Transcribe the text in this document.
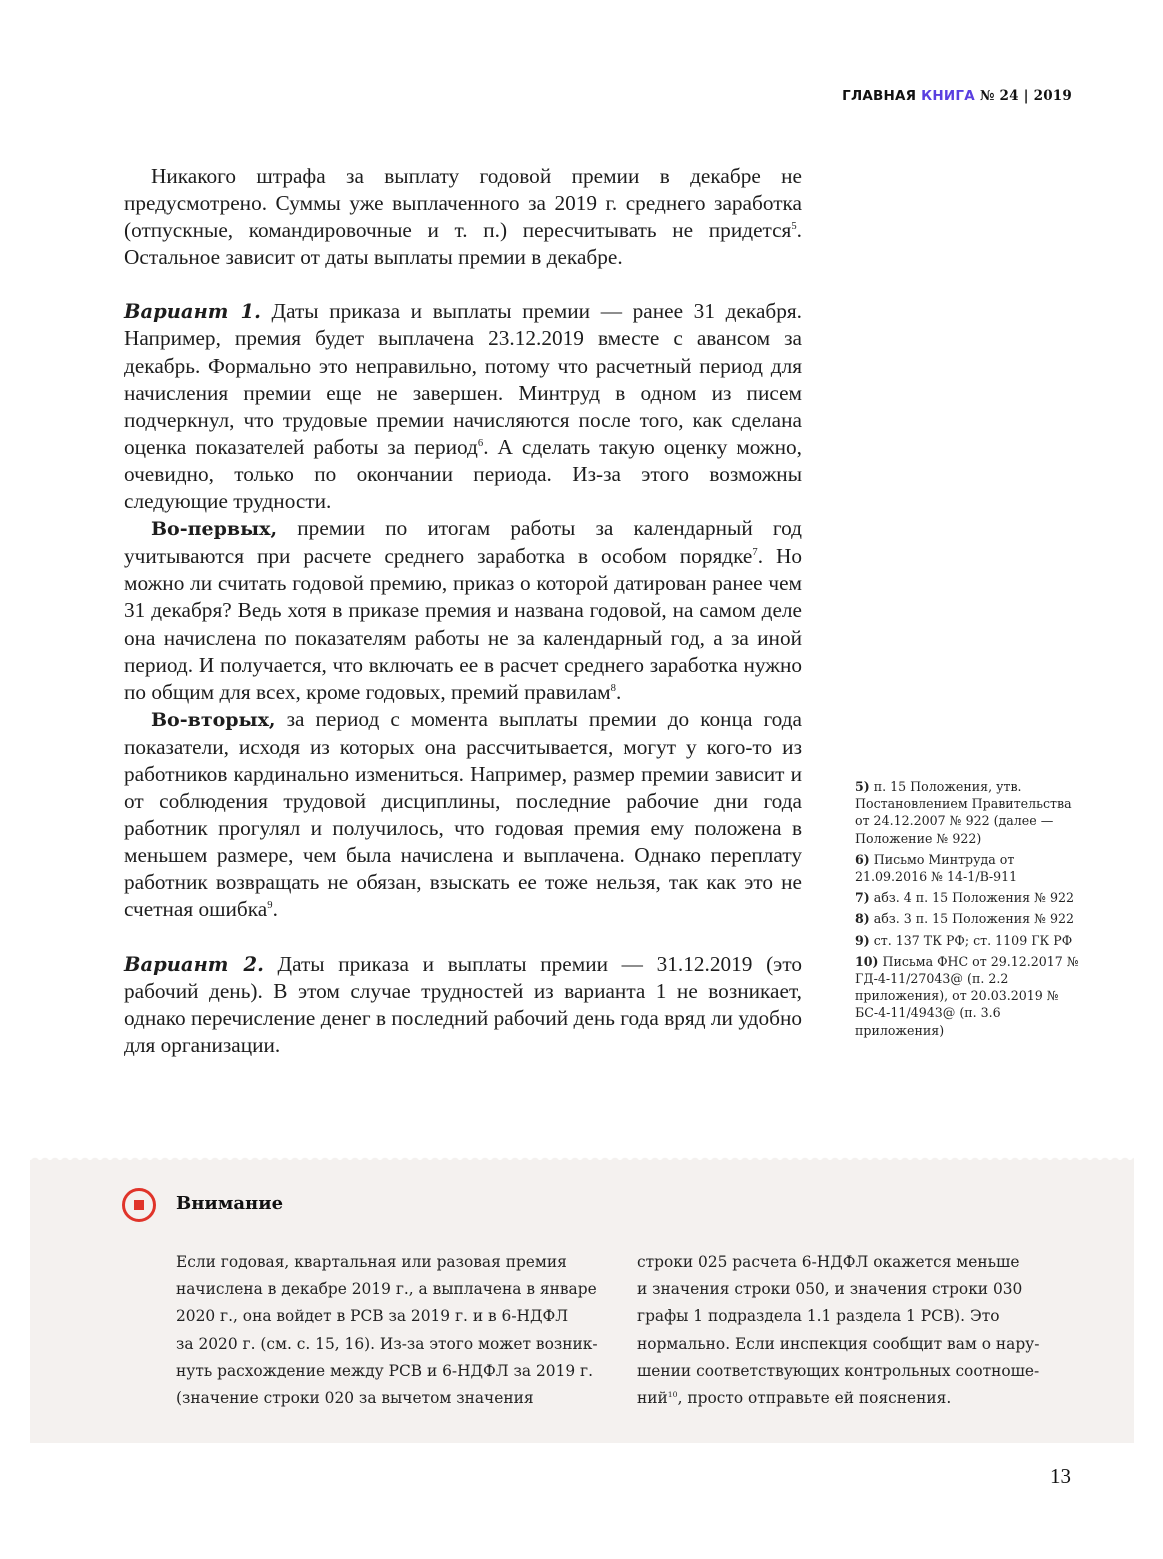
ГЛАВНАЯ КНИГА № 24 | 2019

Никакого штрафа за выплату годовой премии в декабре не предусмотрено. Суммы уже выплаченного за 2019 г. среднего заработка (отпускные, командировочные и т. п.) пересчитывать не придется$^5$. Остальное зависит от даты выплаты премии в декабре.

Вариант 1. Даты приказа и выплаты премии — ранее 31 декабря. Например, премия будет выплачена 23.12.2019 вместе с авансом за декабрь. Формально это неправильно, потому что расчетный период для начисления премии еще не завершен. Минтруд в одном из писем подчеркнул, что трудовые премии начисляются после того, как сделана оценка показателей работы за период$^6$. А сделать такую оценку можно, очевидно, только по окончании периода. Из-за этого возможны следующие трудности.

Во-первых, премии по итогам работы за календарный год учитываются при расчете среднего заработка в особом порядке$^7$. Но можно ли считать годовой премию, приказ о которой датирован ранее чем 31 декабря? Ведь хотя в приказе премия и названа годовой, на самом деле она начислена по показателям работы не за календарный год, а за иной период. И получается, что включать ее в расчет среднего заработка нужно по общим для всех, кроме годовых, премий правилам$^8$.

Во-вторых, за период с момента выплаты премии до конца года показатели, исходя из которых она рассчитывается, могут у кого-то из работников кардинально измениться. Например, размер премии зависит и от соблюдения трудовой дисциплины, последние рабочие дни года работник прогулял и получилось, что годовая премия ему положена в меньшем размере, чем была начислена и выплачена. Однако переплату работник возвращать не обязан, взыскать ее тоже нельзя, так как это не счетная ошибка$^9$.

Вариант 2. Даты приказа и выплаты премии — 31.12.2019 (это рабочий день). В этом случае трудностей из варианта 1 не возникает, однако перечисление денег в последний рабочий день года вряд ли удобно для организации.

5) п. 15 Положения, утв. Постановлением Правительства от 24.12.2007 № 922 (далее — Положение № 922)
6) Письмо Минтруда от 21.09.2016 № 14-1/В-911
7) абз. 4 п. 15 Положения № 922
8) абз. 3 п. 15 Положения № 922
9) ст. 137 ТК РФ; ст. 1109 ГК РФ
10) Письма ФНС от 29.12.2017 № ГД-4-11/27043@ (п. 2.2 приложения), от 20.03.2019 № БС-4-11/4943@ (п. 3.6 приложения)
Внимание
Если годовая, квартальная или разовая премия
начислена в декабре 2019 г., а выплачена в январе
2020 г., она войдет в РСВ за 2019 г. и в 6-НДФЛ
за 2020 г. (см. с. 15, 16). Из-за этого может возник-
нуть расхождение между РСВ и 6-НДФЛ за 2019 г.
(значение строки 020 за вычетом значения
строки 025 расчета 6-НДФЛ окажется меньше
и значения строки 050, и значения строки 030
графы 1 подраздела 1.1 раздела 1 РСВ). Это
нормально. Если инспекция сообщит вам о нару-
шении соответствующих контрольных соотноше-
ний$^{10}$, просто отправьте ей пояснения.
13
